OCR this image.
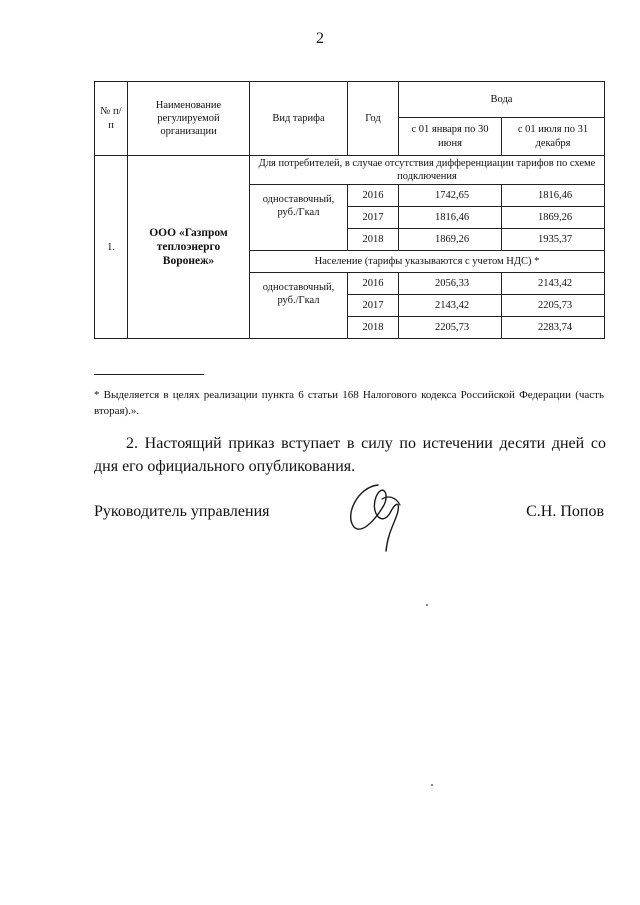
2
№ п/п	Наименование регулируемой организации	Вид тарифа	Год	Вода	
				с 01 января по 30 июня	с 01 июля по 31 декабря
1.	ООО «Газпром теплоэнерго Воронеж»	Для потребителей, в случае отсутствия дифференциации тарифов по схеме подключения			
		одноставочный, руб./Гкал	2016	1742,65	1816,46
			2017	1816,46	1869,26
			2018	1869,26	1935,37
		Население (тарифы указываются с учетом НДС) *			
		одноставочный, руб./Гкал	2016	2056,33	2143,42
			2017	2143,42	2205,73
			2018	2205,73	2283,74
* Выделяется в целях реализации пункта 6 статьи 168 Налогового кодекса Российской Федерации (часть вторая).».
2. Настоящий приказ вступает в силу по истечении десяти дней со дня его официального опубликования.
Руководитель управления	С.Н. Попов
